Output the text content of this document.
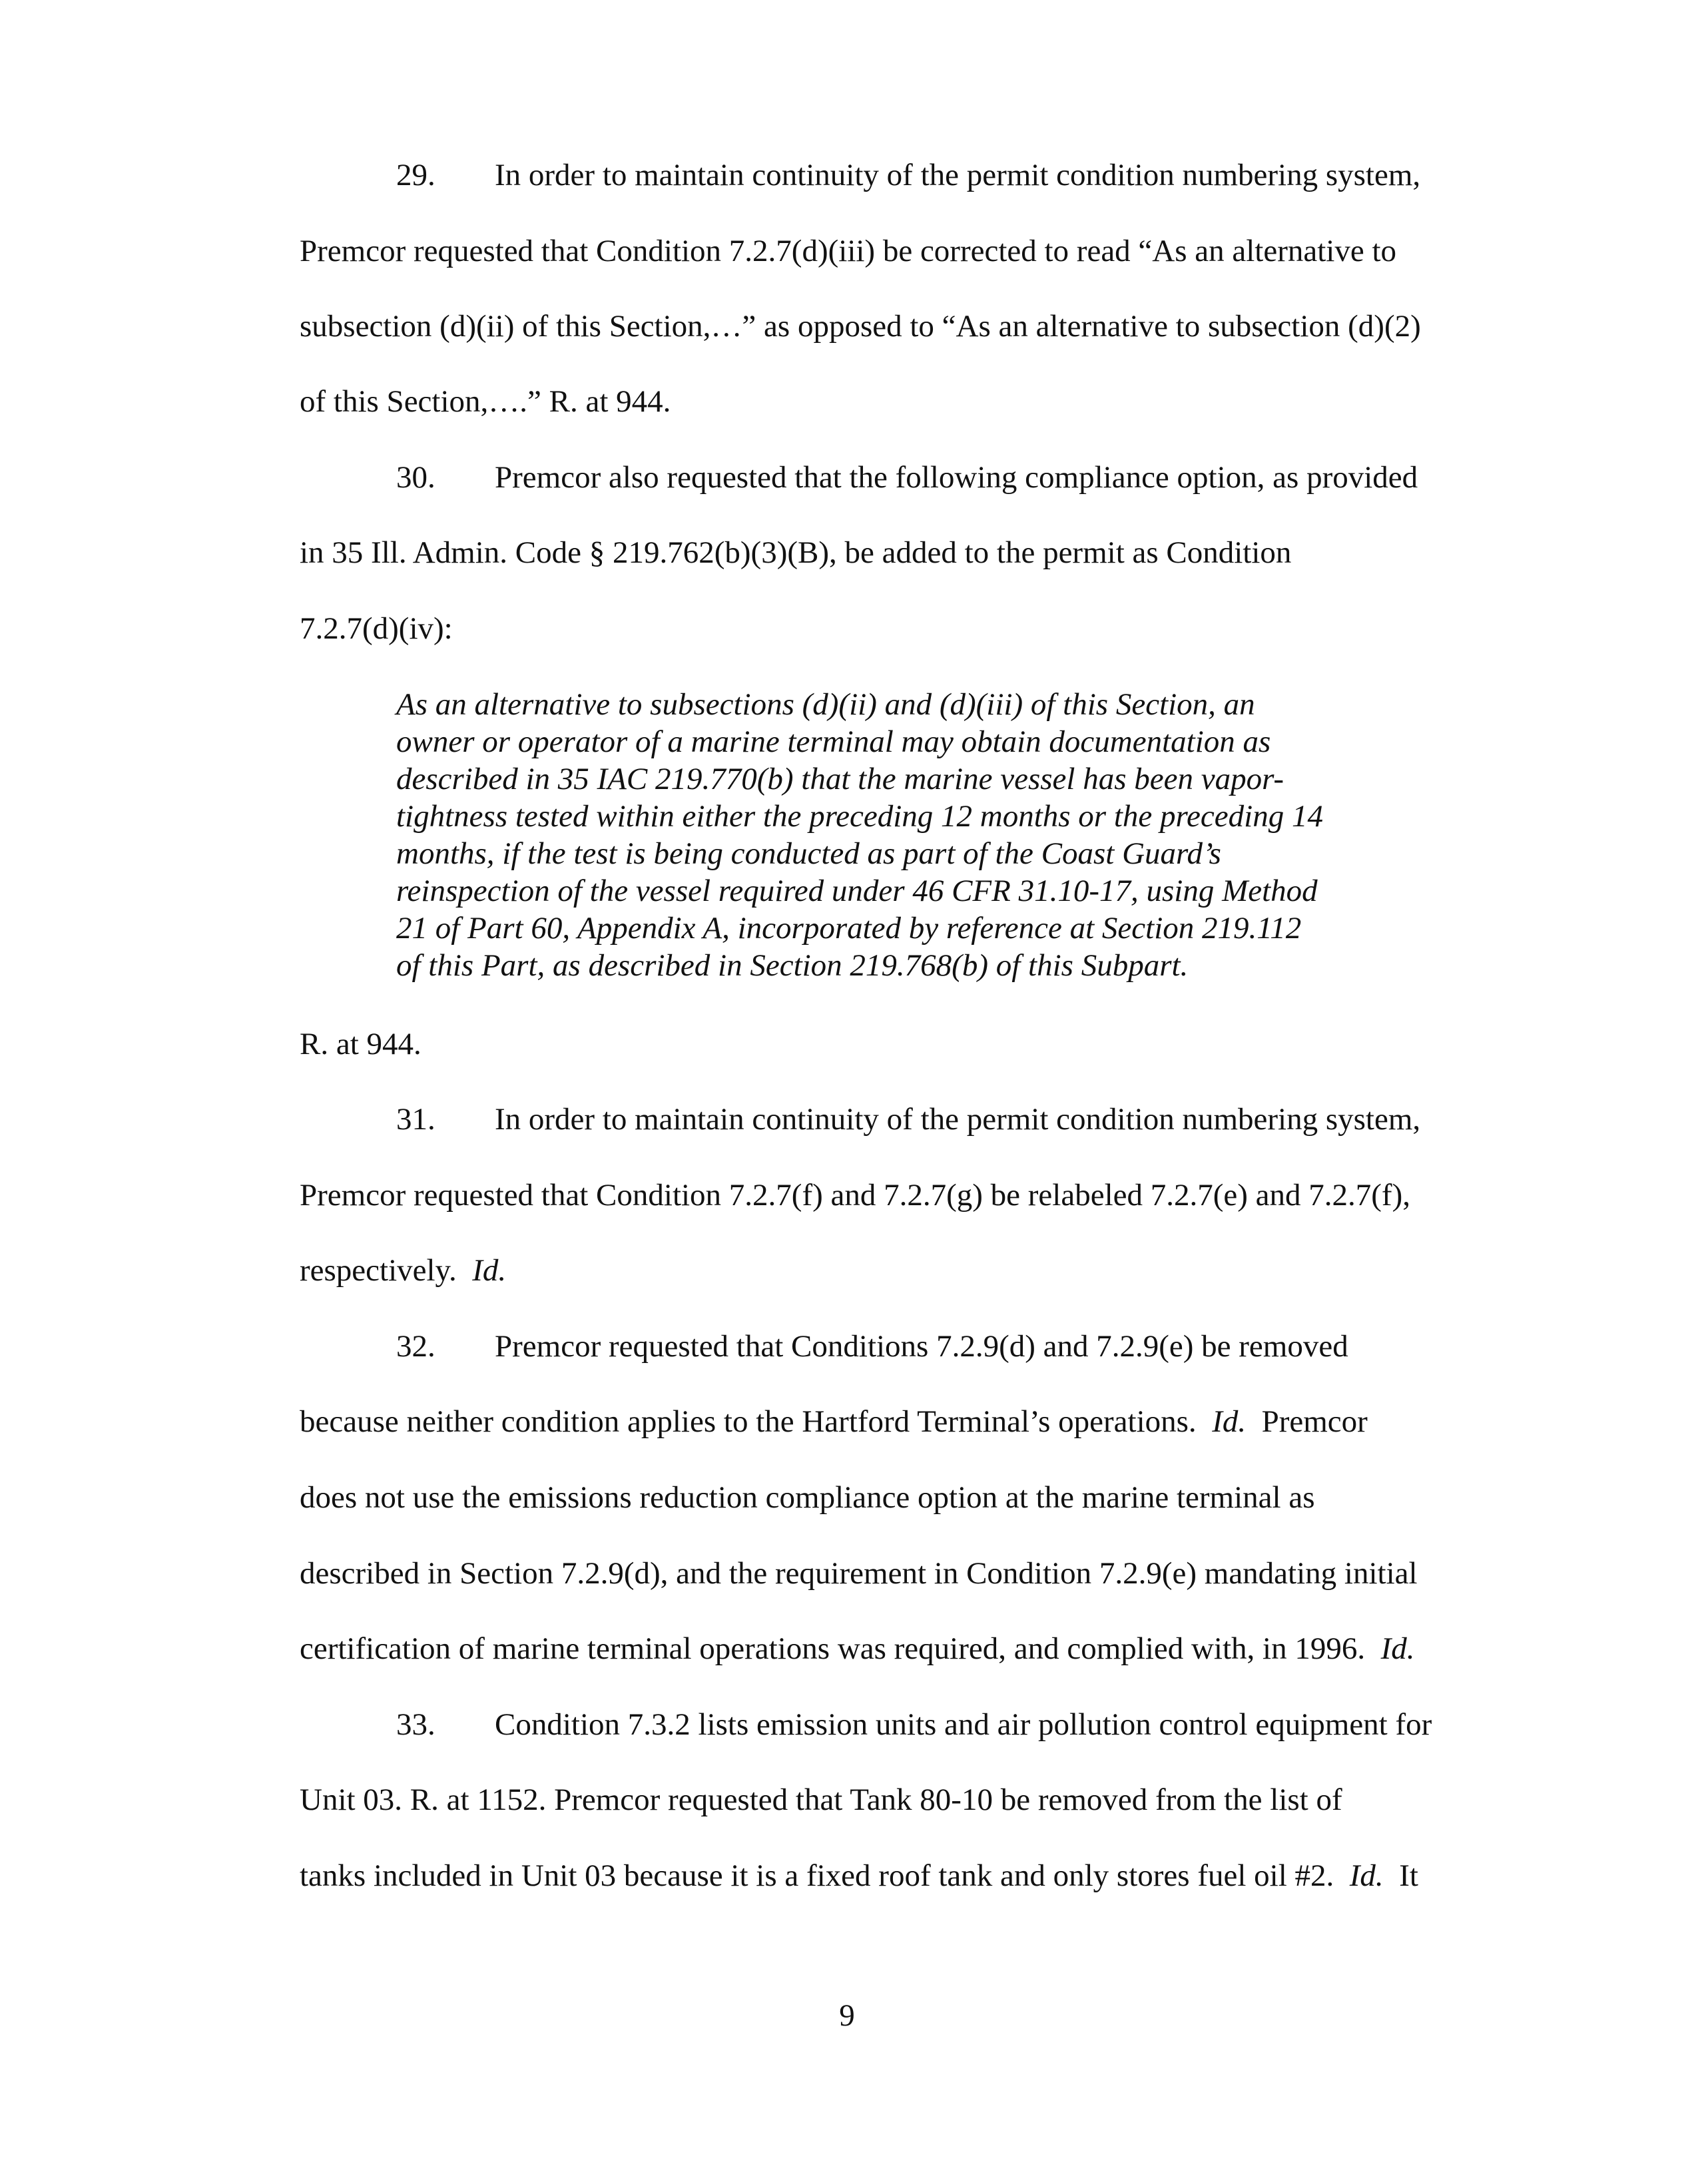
29. In order to maintain continuity of the permit condition numbering system,
Premcor requested that Condition 7.2.7(d)(iii) be corrected to read “As an alternative to
subsection (d)(ii) of this Section,…” as opposed to “As an alternative to subsection (d)(2)
of this Section,….” R. at 944.
30. Premcor also requested that the following compliance option, as provided
in 35 Ill. Admin. Code § 219.762(b)(3)(B), be added to the permit as Condition
7.2.7(d)(iv):
As an alternative to subsections (d)(ii) and (d)(iii) of this Section, an
owner or operator of a marine terminal may obtain documentation as
described in 35 IAC 219.770(b) that the marine vessel has been vapor-
tightness tested within either the preceding 12 months or the preceding 14
months, if the test is being conducted as part of the Coast Guard’s
reinspection of the vessel required under 46 CFR 31.10-17, using Method
21 of Part 60, Appendix A, incorporated by reference at Section 219.112
of this Part, as described in Section 219.768(b) of this Subpart.
R. at 944.
31. In order to maintain continuity of the permit condition numbering system,
Premcor requested that Condition 7.2.7(f) and 7.2.7(g) be relabeled 7.2.7(e) and 7.2.7(f),
respectively. Id.
32. Premcor requested that Conditions 7.2.9(d) and 7.2.9(e) be removed
because neither condition applies to the Hartford Terminal’s operations. Id. Premcor
does not use the emissions reduction compliance option at the marine terminal as
described in Section 7.2.9(d), and the requirement in Condition 7.2.9(e) mandating initial
certification of marine terminal operations was required, and complied with, in 1996. Id.
33. Condition 7.3.2 lists emission units and air pollution control equipment for
Unit 03. R. at 1152. Premcor requested that Tank 80-10 be removed from the list of
tanks included in Unit 03 because it is a fixed roof tank and only stores fuel oil #2. Id. It
9
